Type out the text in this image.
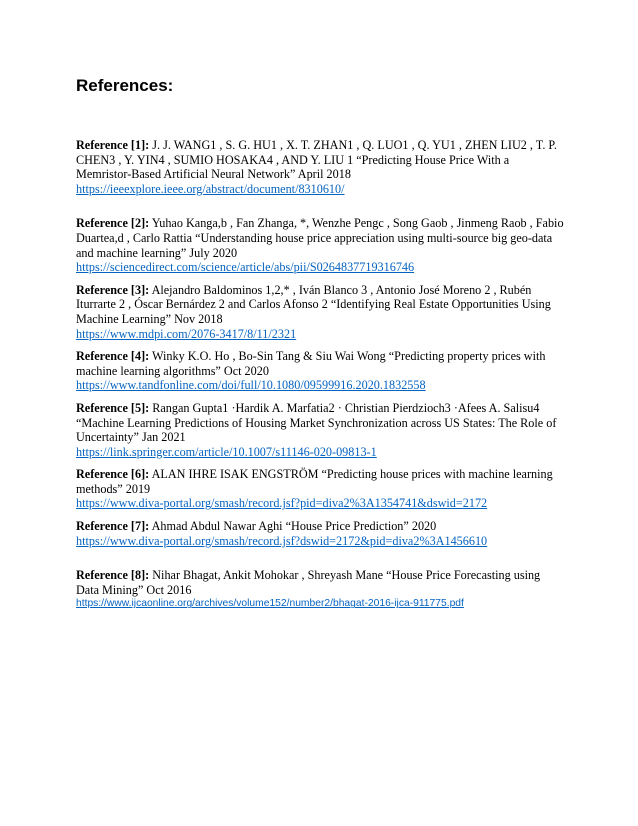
References:

Reference [1]: J. J. WANG1 , S. G. HU1 , X. T. ZHAN1 , Q. LUO1 , Q. YU1 , ZHEN LIU2 , T. P. CHEN3 , Y. YIN4 , SUMIO HOSAKA4 , AND Y. LIU 1 “Predicting House Price With a Memristor-Based Artificial Neural Network” April 2018
https://ieeexplore.ieee.org/abstract/document/8310610/

Reference [2]: Yuhao Kanga,b , Fan Zhanga, *, Wenzhe Pengc , Song Gaob , Jinmeng Raob , Fabio Duartea,d , Carlo Rattia “Understanding house price appreciation using multi-source big geo-data and machine learning” July 2020
https://sciencedirect.com/science/article/abs/pii/S0264837719316746

Reference [3]: Alejandro Baldominos 1,2,* , Iván Blanco 3 , Antonio José Moreno 2 , Rubén Iturrarte 2 , Óscar Bernárdez 2 and Carlos Afonso 2 “Identifying Real Estate Opportunities Using Machine Learning” Nov 2018
https://www.mdpi.com/2076-3417/8/11/2321

Reference [4]: Winky K.O. Ho , Bo-Sin Tang & Siu Wai Wong “Predicting property prices with machine learning algorithms” Oct 2020
https://www.tandfonline.com/doi/full/10.1080/09599916.2020.1832558

Reference [5]: Rangan Gupta1 ·Hardik A. Marfatia2 · Christian Pierdzioch3 ·Afees A. Salisu4 “Machine Learning Predictions of Housing Market Synchronization across US States: The Role of Uncertainty” Jan 2021
https://link.springer.com/article/10.1007/s11146-020-09813-1

Reference [6]: ALAN IHRE ISAK ENGSTRÖM “Predicting house prices with machine learning methods” 2019
https://www.diva-portal.org/smash/record.jsf?pid=diva2%3A1354741&dswid=2172

Reference [7]: Ahmad Abdul Nawar Aghi “House Price Prediction” 2020
https://www.diva-portal.org/smash/record.jsf?dswid=2172&pid=diva2%3A1456610

Reference [8]: Nihar Bhagat, Ankit Mohokar , Shreyash Mane “House Price Forecasting using Data Mining” Oct 2016
https://www.ijcaonline.org/archives/volume152/number2/bhagat-2016-ijca-911775.pdf
